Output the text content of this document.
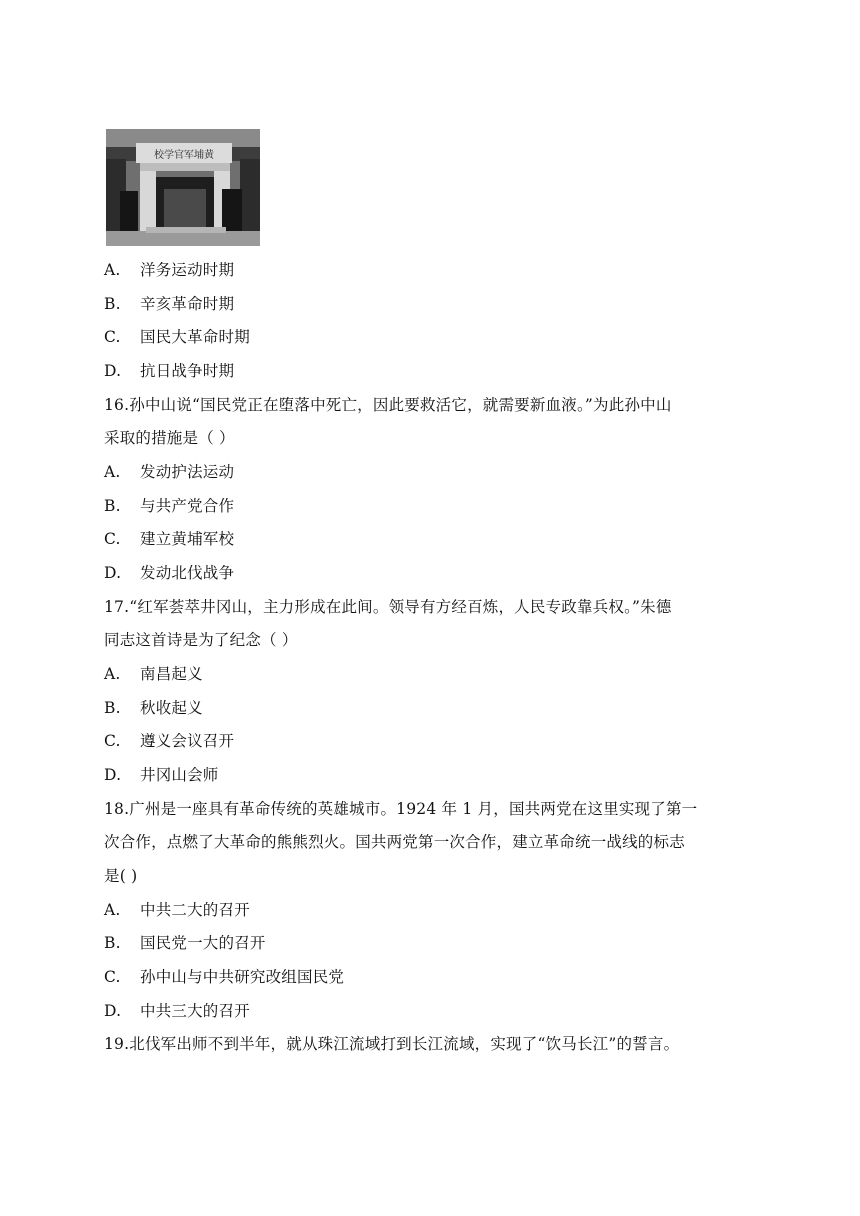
校学官军埔黄
A. 洋务运动时期
B. 辛亥革命时期
C. 国民大革命时期
D. 抗日战争时期
16.孙中山说“国民党正在堕落中死亡，因此要救活它，就需要新血液。”为此孙中山
采取的措施是（ ）
A. 发动护法运动
B. 与共产党合作
C. 建立黄埔军校
D. 发动北伐战争
17.“红军荟萃井冈山，主力形成在此间。领导有方经百炼，人民专政靠兵权。”朱德
同志这首诗是为了纪念（ ）
A. 南昌起义
B. 秋收起义
C. 遵义会议召开
D. 井冈山会师
18.广州是一座具有革命传统的英雄城市。1924 年 1 月，国共两党在这里实现了第一
次合作，点燃了大革命的熊熊烈火。国共两党第一次合作，建立革命统一战线的标志
是( )
A. 中共二大的召开
B. 国民党一大的召开
C. 孙中山与中共研究改组国民党
D. 中共三大的召开
19.北伐军出师不到半年，就从珠江流域打到长江流域，实现了“饮马长江”的誓言。
